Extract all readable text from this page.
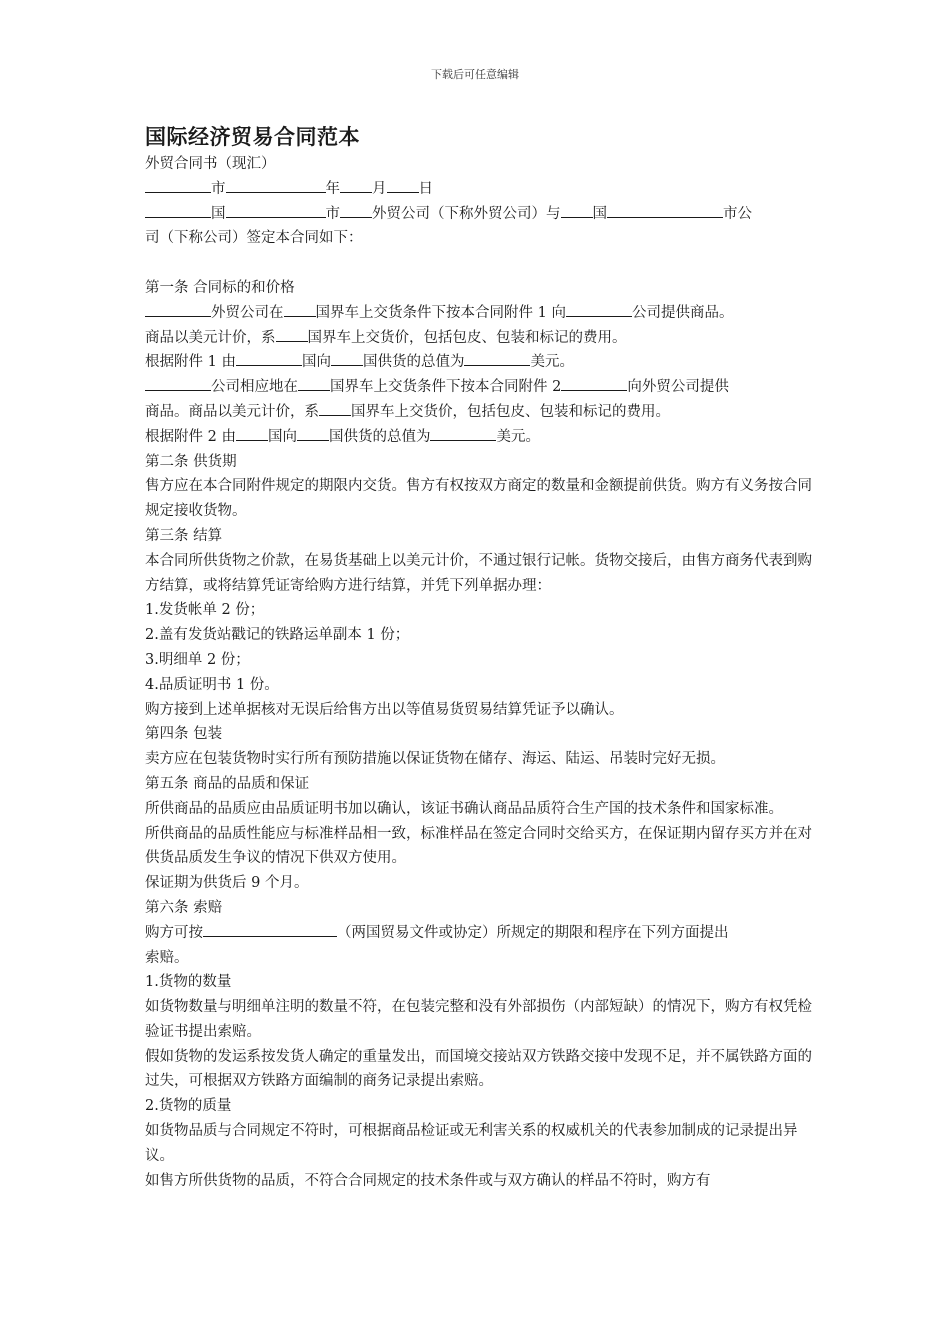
下载后可任意编辑
国际经济贸易合同范本

外贸合同书（现汇）

市	年 月 日

国	市 外贸公司（下称外贸公司）与 国	市公

司（下称公司）签定本合同如下：

第一条 合同标的和价格

外贸公司在 国界车上交货条件下按本合同附件 1 向	公司提供商品。

商品以美元计价，系 国界车上交货价，包括包皮、包装和标记的费用。

根据附件 1 由	国向 国供货的总值为	美元。

公司相应地在 国界车上交货条件下按本合同附件 2	向外贸公司提供

商品。商品以美元计价，系 国界车上交货价，包括包皮、包装和标记的费用。

根据附件 2 由 国向 国供货的总值为	美元。

第二条 供货期

售方应在本合同附件规定的期限内交货。售方有权按双方商定的数量和金额提前供货。购方有义务按合同规定接收货物。

第三条 结算

本合同所供货物之价款，在易货基础上以美元计价，不通过银行记帐。货物交接后，由售方商务代表到购方结算，或将结算凭证寄给购方进行结算，并凭下列单据办理：

1.发货帐单 2 份；

2.盖有发货站戳记的铁路运单副本 1 份；

3.明细单 2 份；

4.品质证明书 1 份。

购方接到上述单据核对无误后给售方出以等值易货贸易结算凭证予以确认。

第四条 包装

卖方应在包装货物时实行所有预防措施以保证货物在储存、海运、陆运、吊装时完好无损。

第五条 商品的品质和保证

所供商品的品质应由品质证明书加以确认，该证书确认商品品质符合生产国的技术条件和国家标准。

所供商品的品质性能应与标准样品相一致，标准样品在签定合同时交给买方，在保证期内留存买方并在对供货品质发生争议的情况下供双方使用。

保证期为供货后 9 个月。

第六条 索赔

购方可按	（两国贸易文件或协定）所规定的期限和程序在下列方面提出

索赔。

1.货物的数量

如货物数量与明细单注明的数量不符，在包装完整和没有外部损伤（内部短缺）的情况下，购方有权凭检验证书提出索赔。

假如货物的发运系按发货人确定的重量发出，而国境交接站双方铁路交接中发现不足，并不属铁路方面的过失，可根据双方铁路方面编制的商务记录提出索赔。

2.货物的质量

如货物品质与合同规定不符时，可根据商品检证或无利害关系的权威机关的代表参加制成的记录提出异议。

如售方所供货物的品质，不符合合同规定的技术条件或与双方确认的样品不符时，购方有
